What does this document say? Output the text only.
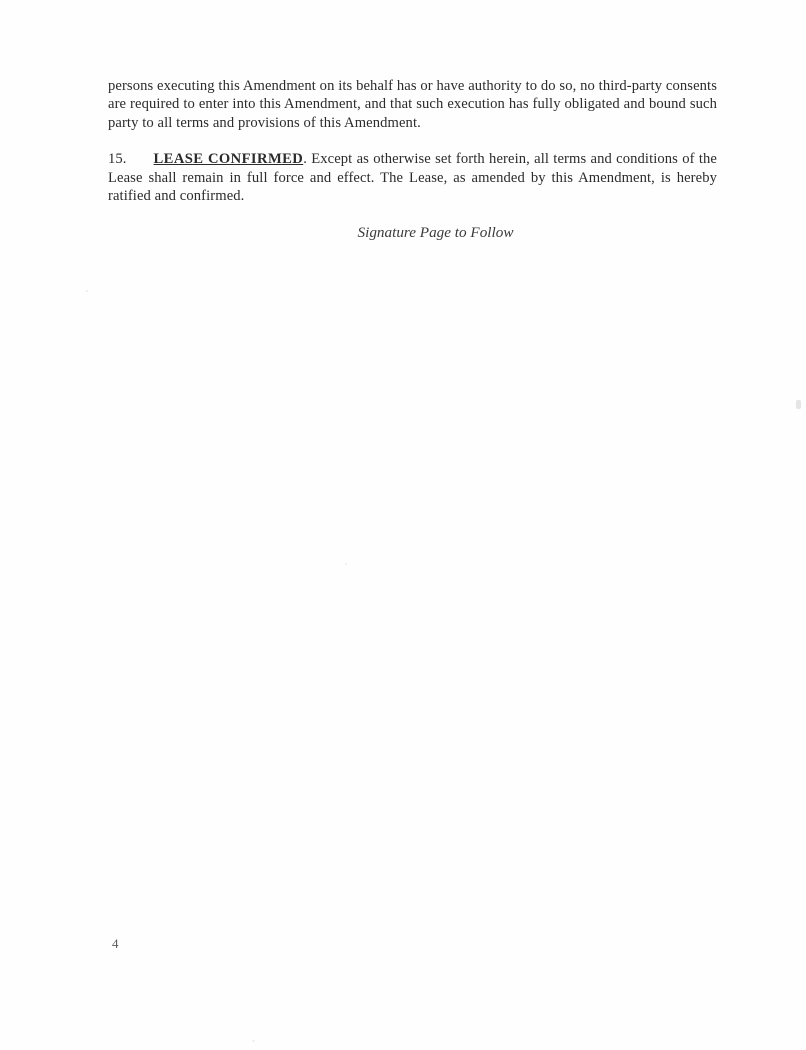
persons executing this Amendment on its behalf has or have authority to do so, no third-party consents are required to enter into this Amendment, and that such execution has fully obligated and bound such party to all terms and provisions of this Amendment.

15. LEASE CONFIRMED. Except as otherwise set forth herein, all terms and conditions of the Lease shall remain in full force and effect. The Lease, as amended by this Amendment, is hereby ratified and confirmed.

Signature Page to Follow
4
